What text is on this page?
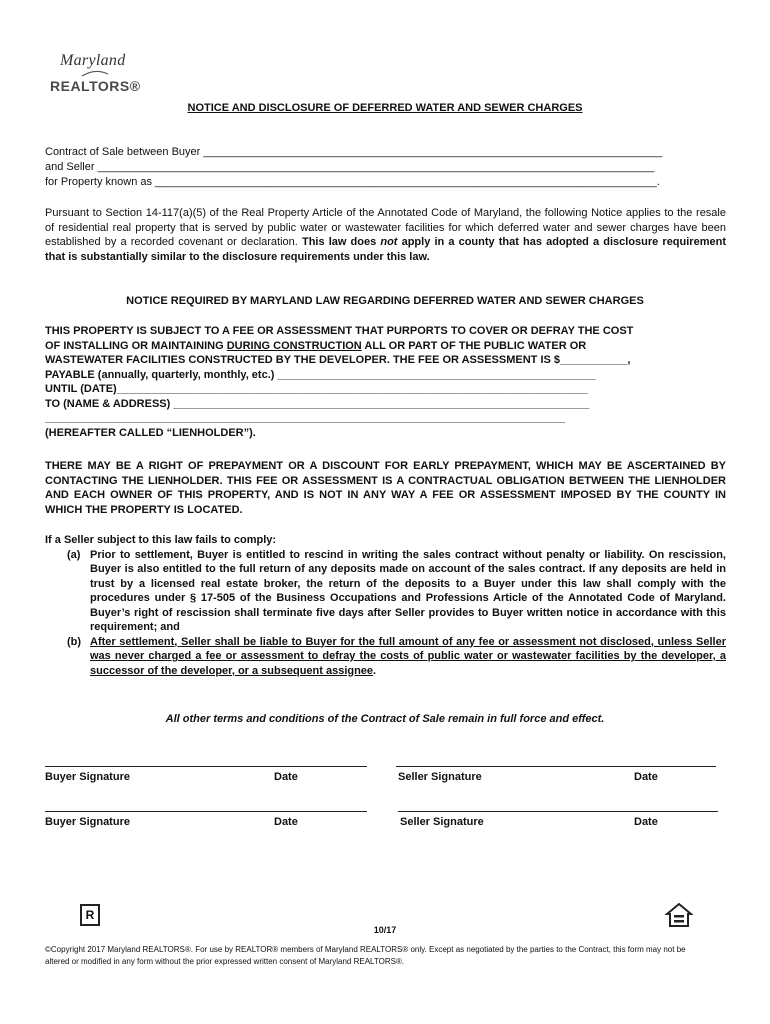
Maryland
REALTORS®
NOTICE AND DISCLOSURE OF DEFERRED WATER AND SEWER CHARGES
Contract of Sale between Buyer ___________________________________________________________________________
and Seller ___________________________________________________________________________________________
for Property known as __________________________________________________________________________________.
Pursuant to Section 14-117(a)(5) of the Real Property Article of the Annotated Code of Maryland, the following Notice applies to the resale of residential real property that is served by public water or wastewater facilities for which deferred water and sewer charges have been established by a recorded covenant or declaration. This law does not apply in a county that has adopted a disclosure requirement that is substantially similar to the disclosure requirements under this law.
NOTICE REQUIRED BY MARYLAND LAW REGARDING DEFERRED WATER AND SEWER CHARGES
THIS PROPERTY IS SUBJECT TO A FEE OR ASSESSMENT THAT PURPORTS TO COVER OR DEFRAY THE COST
OF INSTALLING OR MAINTAINING DURING CONSTRUCTION ALL OR PART OF THE PUBLIC WATER OR
WASTEWATER FACILITIES CONSTRUCTED BY THE DEVELOPER. THE FEE OR ASSESSMENT IS $___________,
PAYABLE (annually, quarterly, monthly, etc.) ____________________________________________________
UNTIL (DATE)_____________________________________________________________________________
TO (NAME & ADDRESS) ____________________________________________________________________
_____________________________________________________________________________________
(HEREAFTER CALLED “LIENHOLDER”).
THERE MAY BE A RIGHT OF PREPAYMENT OR A DISCOUNT FOR EARLY PREPAYMENT, WHICH MAY BE ASCERTAINED BY CONTACTING THE LIENHOLDER. THIS FEE OR ASSESSMENT IS A CONTRACTUAL OBLIGATION BETWEEN THE LIENHOLDER AND EACH OWNER OF THIS PROPERTY, AND IS NOT IN ANY WAY A FEE OR ASSESSMENT IMPOSED BY THE COUNTY IN WHICH THE PROPERTY IS LOCATED.
If a Seller subject to this law fails to comply:
(a) Prior to settlement, Buyer is entitled to rescind in writing the sales contract without penalty or liability. On rescission, Buyer is also entitled to the full return of any deposits made on account of the sales contract. If any deposits are held in trust by a licensed real estate broker, the return of the deposits to a Buyer under this law shall comply with the procedures under § 17-505 of the Business Occupations and Professions Article of the Annotated Code of Maryland. Buyer’s right of rescission shall terminate five days after Seller provides to Buyer written notice in accordance with this requirement; and
(b) After settlement, Seller shall be liable to Buyer for the full amount of any fee or assessment not disclosed, unless Seller was never charged a fee or assessment to defray the costs of public water or wastewater facilities by the developer, a successor of the developer, or a subsequent assignee.
All other terms and conditions of the Contract of Sale remain in full force and effect.
Buyer Signature	Date	Seller Signature	Date
Buyer Signature	Date	Seller Signature	Date
R
10/17
©Copyright 2017 Maryland REALTORS®. For use by REALTOR® members of Maryland REALTORS® only. Except as negotiated by the parties to the Contract, this form may not be
altered or modified in any form without the prior expressed written consent of Maryland REALTORS®.
